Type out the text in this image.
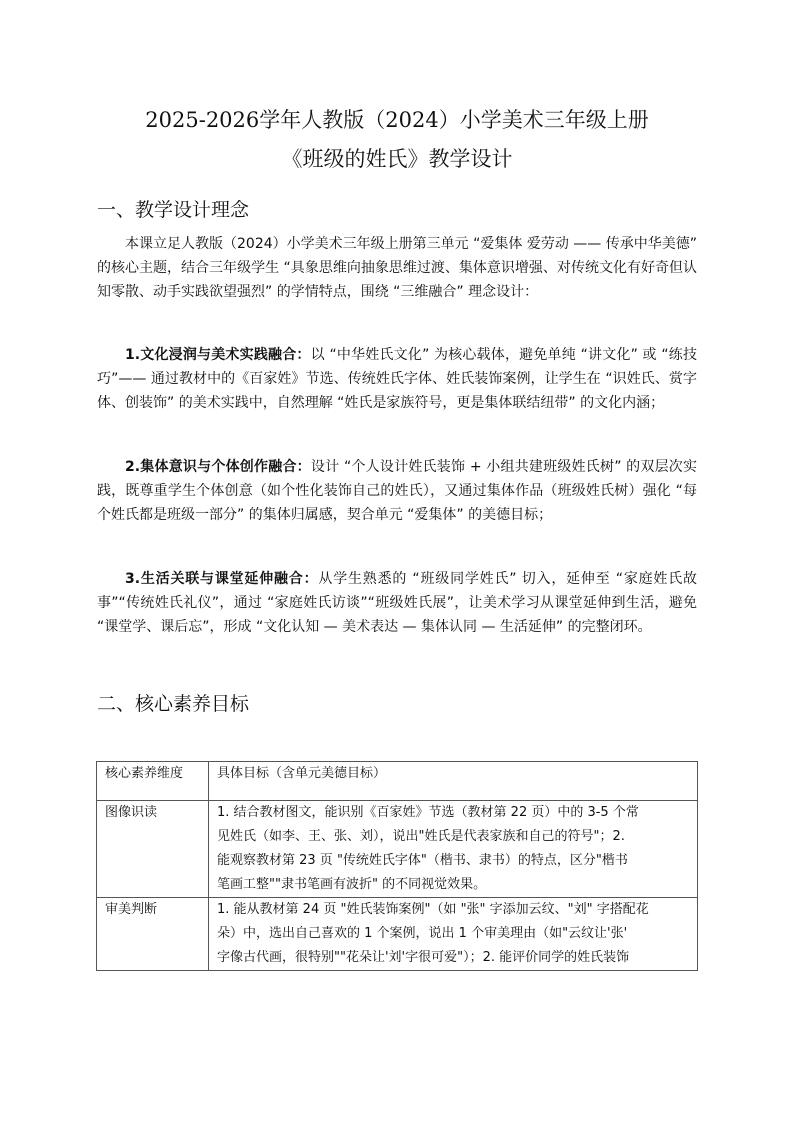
2025-2026学年人教版（2024）小学美术三年级上册
《班级的姓氏》教学设计
一、教学设计理念

本课立足人教版（2024）小学美术三年级上册第三单元 “爱集体 爱劳动 —— 传承中华美德” 的核心主题，结合三年级学生 “具象思维向抽象思维过渡、集体意识增强、对传统文化有好奇但认知零散、动手实践欲望强烈” 的学情特点，围绕 “三维融合” 理念设计：

1.文化浸润与美术实践融合：以 “中华姓氏文化” 为核心载体，避免单纯 “讲文化” 或 “练技巧”—— 通过教材中的《百家姓》节选、传统姓氏字体、姓氏装饰案例，让学生在 “识姓氏、赏字体、创装饰” 的美术实践中，自然理解 “姓氏是家族符号，更是集体联结纽带” 的文化内涵；

2.集体意识与个体创作融合：设计 “个人设计姓氏装饰 + 小组共建班级姓氏树” 的双层次实践，既尊重学生个体创意（如个性化装饰自己的姓氏），又通过集体作品（班级姓氏树）强化 “每个姓氏都是班级一部分” 的集体归属感，契合单元 “爱集体” 的美德目标；

3.生活关联与课堂延伸融合：从学生熟悉的 “班级同学姓氏” 切入，延伸至 “家庭姓氏故事”“传统姓氏礼仪”，通过 “家庭姓氏访谈”“班级姓氏展”，让美术学习从课堂延伸到生活，避免 “课堂学、课后忘”，形成 “文化认知 — 美术表达 — 集体认同 — 生活延伸” 的完整闭环。

二、核心素养目标
核心素养维度	具体目标（含单元美德目标）
图像识读	1. 结合教材图文，能识别《百家姓》节选（教材第 22 页）中的 3-5 个常
见姓氏（如李、王、张、刘），说出"姓氏是代表家族和自己的符号"；2.
能观察教材第 23 页 "传统姓氏字体"（楷书、隶书）的特点，区分"楷书
笔画工整""隶书笔画有波折" 的不同视觉效果。

审美判断	1. 能从教材第 24 页 "姓氏装饰案例"（如 "张" 字添加云纹、"刘" 字搭配花
朵）中，选出自己喜欢的 1 个案例，说出 1 个审美理由（如"云纹让'张'
字像古代画，很特别""花朵让'刘'字很可爱"）；2. 能评价同学的姓氏装饰
